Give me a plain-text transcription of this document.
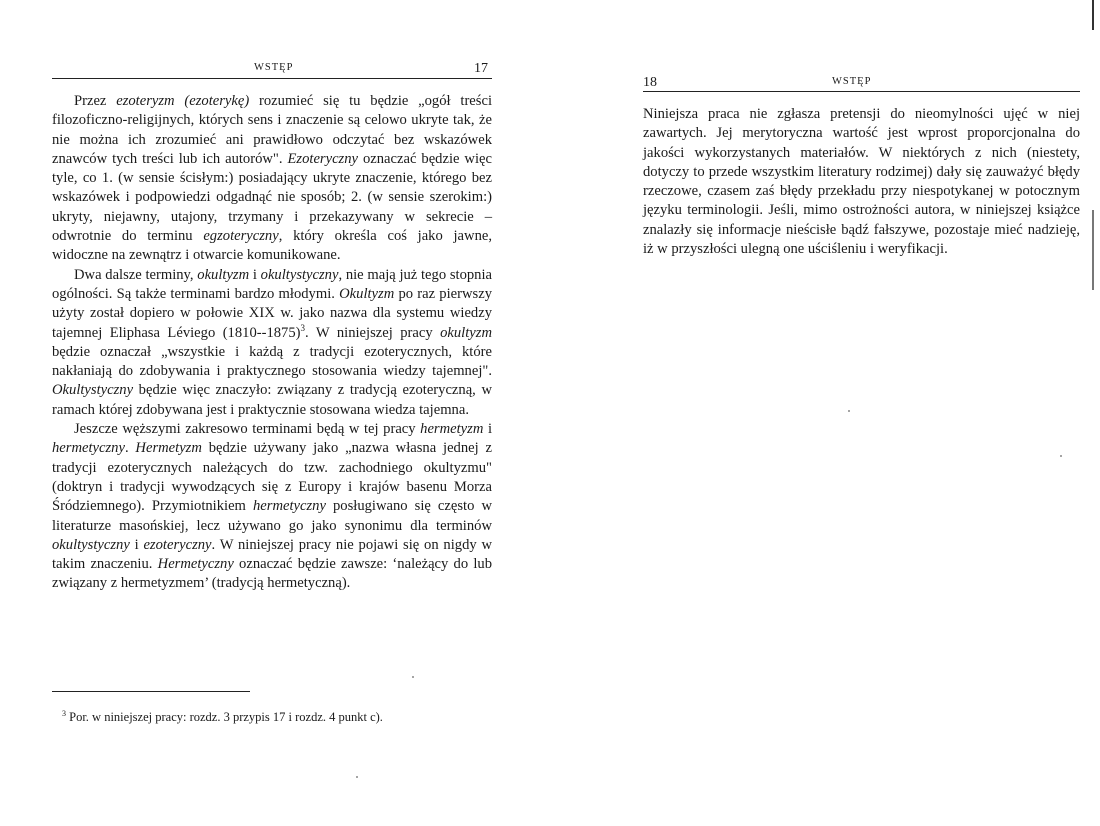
WSTĘP	17

Przez ezoteryzm (ezoterykę) rozumieć się tu będzie „ogół treści filozoficzno-religijnych, których sens i znaczenie są celowo ukryte tak, że nie można ich zrozumieć ani prawidłowo odczytać bez wskazówek znawców tych treści lub ich autorów". Ezoteryczny oznaczać będzie więc tyle, co 1. (w sensie ścisłym:) posiadający ukryte znaczenie, którego bez wskazówek i podpowiedzi odgadnąć nie sposób; 2. (w sensie szerokim:) ukryty, niejawny, utajony, trzymany i przekazywany w sekrecie – odwrotnie do terminu egzoteryczny, który określa coś jako jawne, widoczne na zewnątrz i otwarcie komunikowane.

Dwa dalsze terminy, okultyzm i okultystyczny, nie mają już tego stopnia ogólności. Są także terminami bardzo młodymi. Okultyzm po raz pierwszy użyty został dopiero w połowie XIX w. jako nazwa dla systemu wiedzy tajemnej Eliphasa Léviego $(1810--1875)^3$. W niniejszej pracy okultyzm będzie oznaczał „wszystkie i każdą z tradycji ezoterycznych, które nakłaniają do zdobywania i praktycznego stosowania wiedzy tajemnej". Okultystyczny będzie więc znaczyło: związany z tradycją ezoteryczną, w ramach której zdobywana jest i praktycznie stosowana wiedza tajemna.

Jeszcze węższymi zakresowo terminami będą w tej pracy hermetyzm i hermetyczny. Hermetyzm będzie używany jako „nazwa własna jednej z tradycji ezoterycznych należących do tzw. zachodniego okultyzmu" (doktryn i tradycji wywodzących się z Europy i krajów basenu Morza Śródziemnego). Przymiotnikiem hermetyczny posługiwano się często w literaturze masońskiej, lecz używano go jako synonimu dla terminów okultystyczny i ezoteryczny. W niniejszej pracy nie pojawi się on nigdy w takim znaczeniu. Hermetyczny oznaczać będzie zawsze: ‘należący do lub związany z hermetyzmem’ (tradycją hermetyczną).

$^3$ Por. w niniejszej pracy: rozdz. 3 przypis 17 i rozdz. 4 punkt c).
18	WSTĘP

Niniejsza praca nie zgłasza pretensji do nieomylności ujęć w niej zawartych. Jej merytoryczna wartość jest wprost proporcjonalna do jakości wykorzystanych materiałów. W niektórych z nich (niestety, dotyczy to przede wszystkim literatury rodzimej) dały się zauważyć błędy rzeczowe, czasem zaś błędy przekładu przy niespotykanej w potocznym języku terminologii. Jeśli, mimo ostrożności autora, w niniejszej książce znalazły się informacje nieścisłe bądź fałszywe, pozostaje mieć nadzieję, iż w przyszłości ulegną one uściśleniu i weryfikacji.
